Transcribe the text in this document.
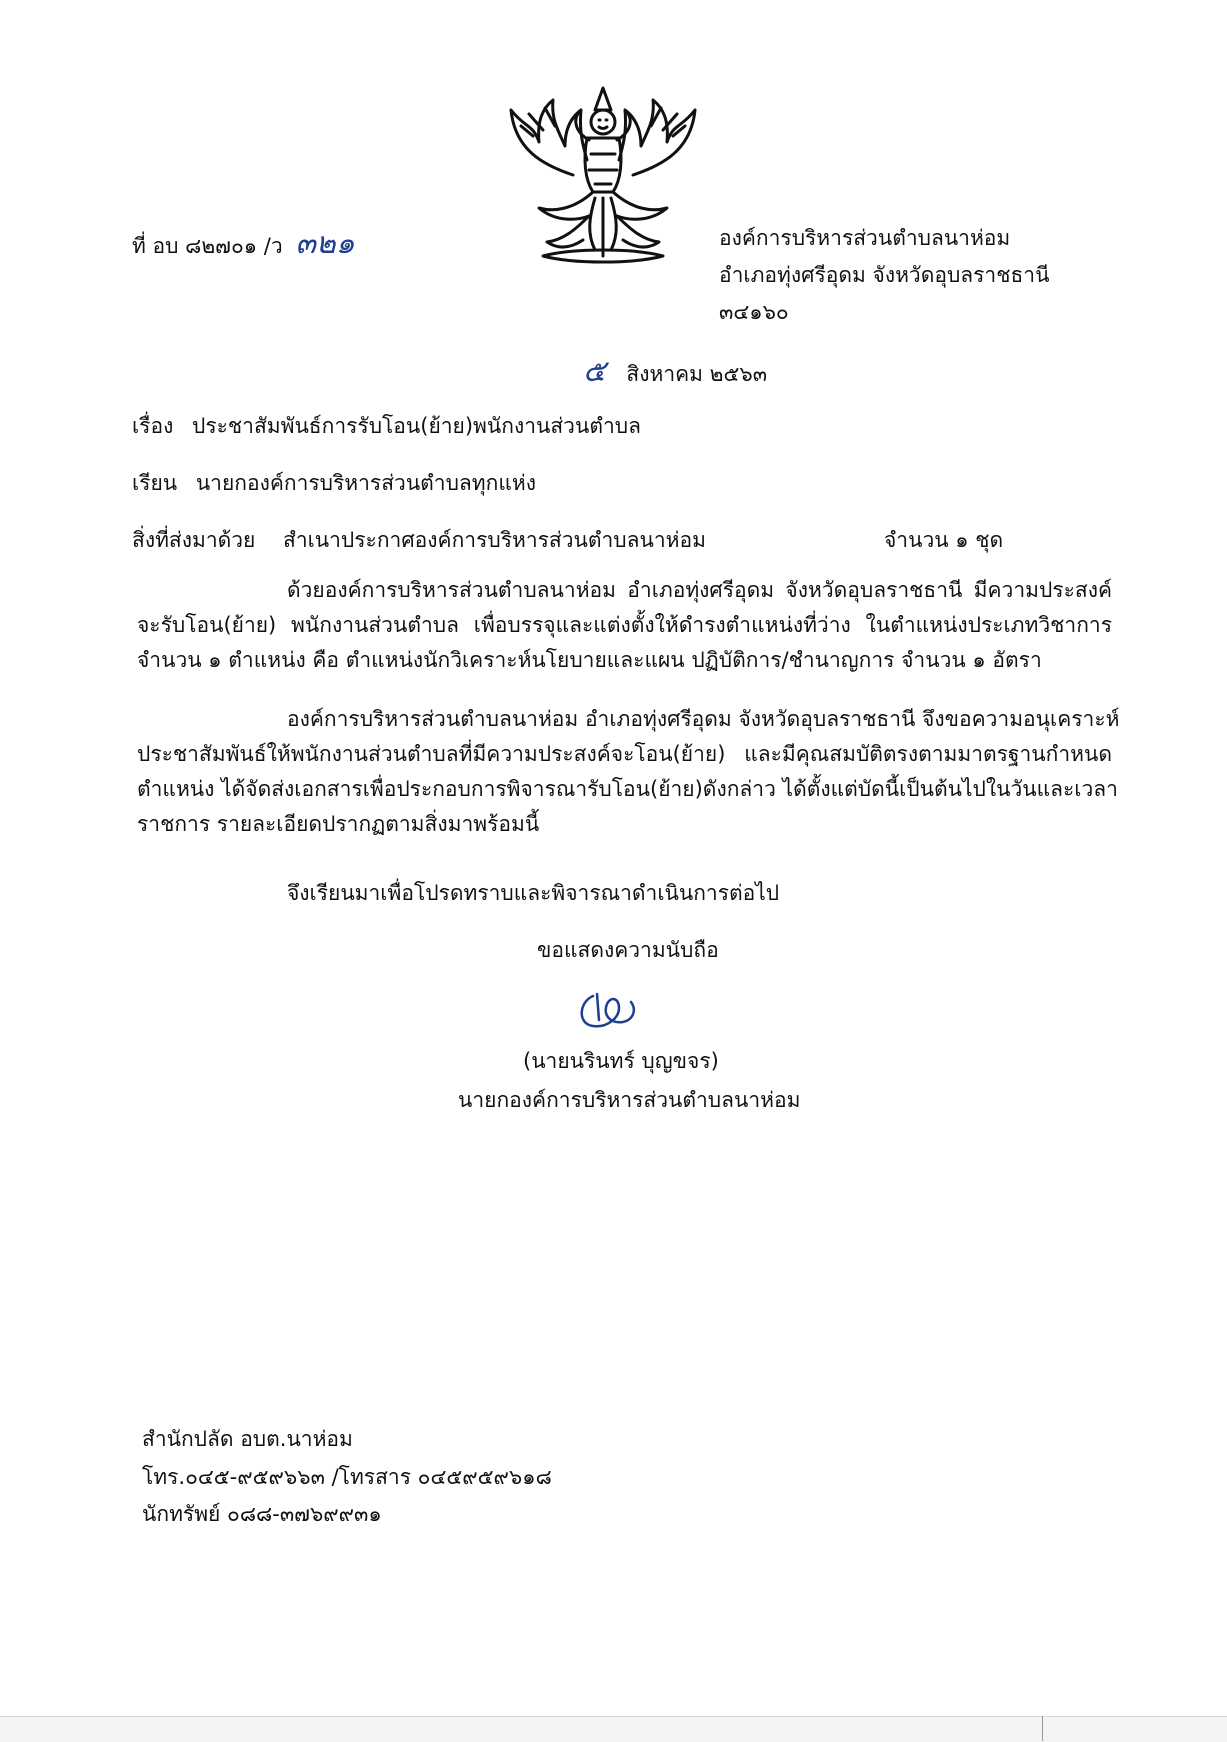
ที่ อบ ๘๒๗๐๑ /ว ๓๒๑	องค์การบริหารส่วนตำบลนาห่อม
อำเภอทุ่งศรีอุดม จังหวัดอุบลราชธานี
๓๔๑๖๐
๕ สิงหาคม ๒๕๖๓
เรื่อง ประชาสัมพันธ์การรับโอน(ย้าย)พนักงานส่วนตำบล
เรียน นายกองค์การบริหารส่วนตำบลทุกแห่ง
สิ่งที่ส่งมาด้วย สำเนาประกาศองค์การบริหารส่วนตำบลนาห่อม	จำนวน ๑ ชุด
ด้วยองค์การบริหารส่วนตำบลนาห่อม อำเภอทุ่งศรีอุดม จังหวัดอุบลราชธานี มีความประสงค์
จะรับโอน(ย้าย) พนักงานส่วนตำบล เพื่อบรรจุและแต่งตั้งให้ดำรงตำแหน่งที่ว่าง ในตำแหน่งประเภทวิชาการ
จำนวน ๑ ตำแหน่ง คือ ตำแหน่งนักวิเคราะห์นโยบายและแผน ปฏิบัติการ/ชำนาญการ จำนวน ๑ อัตรา
องค์การบริหารส่วนตำบลนาห่อม อำเภอทุ่งศรีอุดม จังหวัดอุบลราชธานี จึงขอความอนุเคราะห์
ประชาสัมพันธ์ให้พนักงานส่วนตำบลที่มีความประสงค์จะโอน(ย้าย) และมีคุณสมบัติตรงตามมาตรฐานกำหนด
ตำแหน่ง ได้จัดส่งเอกสารเพื่อประกอบการพิจารณารับโอน(ย้าย)ดังกล่าว ได้ตั้งแต่บัดนี้เป็นต้นไปในวันและเวลา
ราชการ รายละเอียดปรากฏตามสิ่งมาพร้อมนี้
จึงเรียนมาเพื่อโปรดทราบและพิจารณาดำเนินการต่อไป
ขอแสดงความนับถือ
(นายนรินทร์ บุญขจร)
นายกองค์การบริหารส่วนตำบลนาห่อม
สำนักปลัด อบต.นาห่อม
โทร.๐๔๕-๙๕๙๖๖๓ /โทรสาร ๐๔๕๙๕๙๖๑๘
นักทรัพย์ ๐๘๘-๓๗๖๙๙๓๑
